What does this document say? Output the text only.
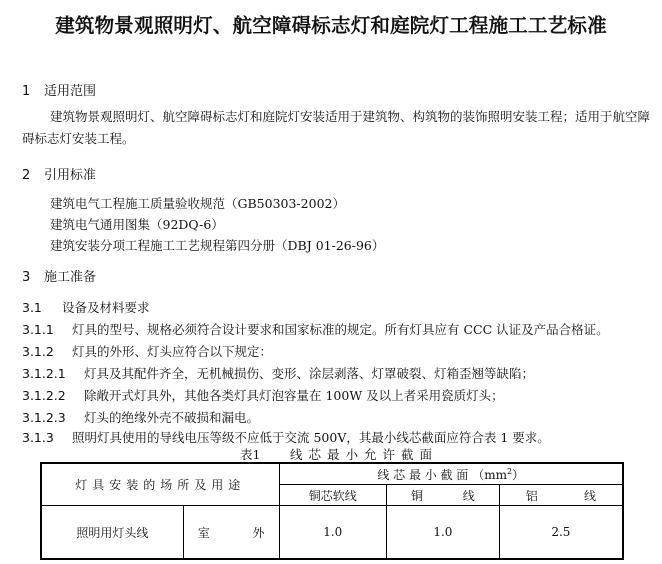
建筑物景观照明灯、航空障碍标志灯和庭院灯工程施工工艺标准
1 适用范围
建筑物景观照明灯、航空障碍标志灯和庭院灯安装适用于建筑物、构筑物的装饰照明安装工程；适用于航空障碍标志灯安装工程。
2 引用标准
建筑电气工程施工质量验收规范（GB50303-2002）
建筑电气通用图集（92DQ-6）
建筑安装分项工程施工工艺规程第四分册（DBJ 01-26-96）
3 施工准备
3.1 设备及材料要求
3.1.1 灯具的型号、规格必须符合设计要求和国家标准的规定。所有灯具应有 CCC 认证及产品合格证。
3.1.2 灯具的外形、灯头应符合以下规定：
3.1.2.1 灯具及其配件齐全，无机械损伤、变形、涂层剥落、灯罩破裂、灯箱歪翘等缺陷；
3.1.2.2 除敞开式灯具外，其他各类灯具灯泡容量在 100W 及以上者采用瓷质灯头；
3.1.2.3 灯头的绝缘外壳不破损和漏电。
3.1.3 照明灯具使用的导线电压等级不应低于交流 500V，其最小线芯截面应符合表 1 要求。
表1 线芯最小允许截面
灯具安装的场所及用途		线 芯 最 小 截 面 $(mm^2)$		
		铜芯软线	铜 线	铝 线

照明用灯头线	室 外	1.0	1.0	2.5
